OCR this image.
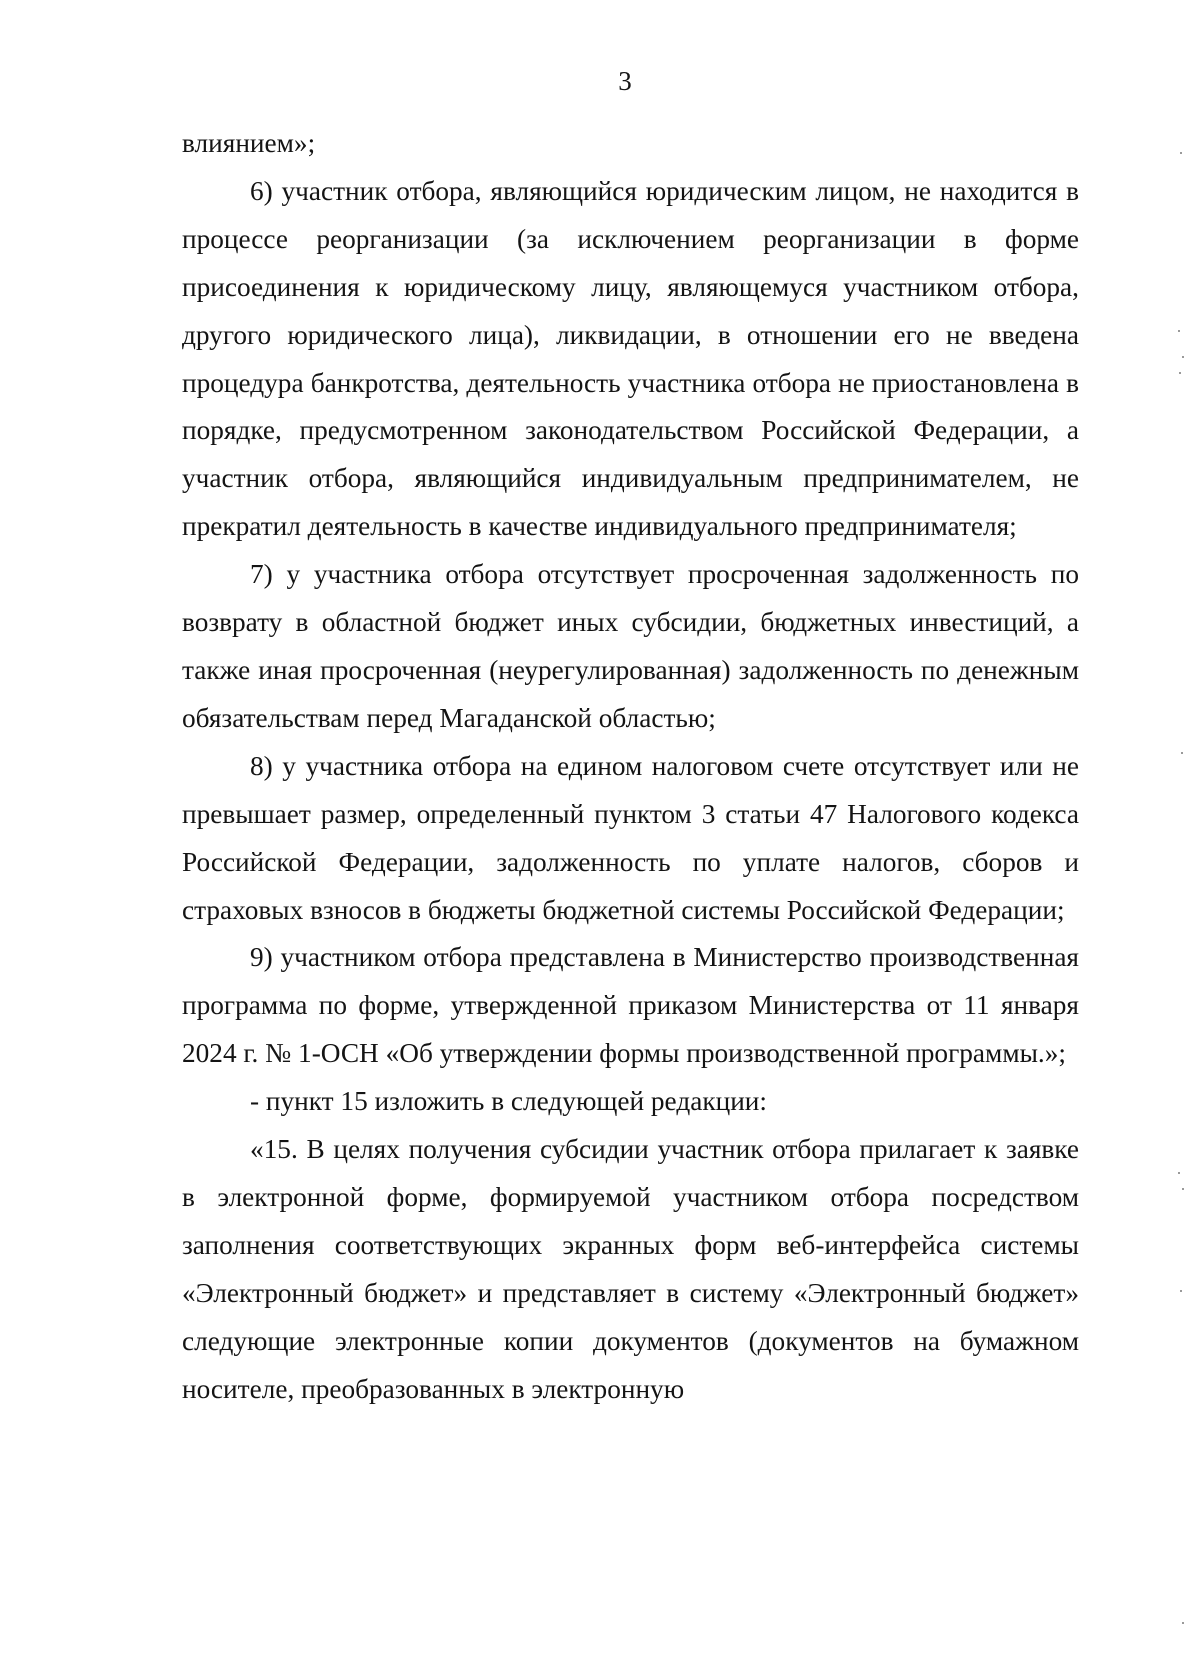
3

влиянием»;

6) участник отбора, являющийся юридическим лицом, не находится в процессе реорганизации (за исключением реорганизации в форме присоединения к юридическому лицу, являющемуся участником отбора, другого юридического лица), ликвидации, в отношении его не введена процедура банкротства, деятельность участника отбора не приостановлена в порядке, предусмотренном законодательством Российской Федерации, а участник отбора, являющийся индивидуальным предпринимателем, не прекратил деятельность в качестве индивидуального предпринимателя;

7) у участника отбора отсутствует просроченная задолженность по возврату в областной бюджет иных субсидии, бюджетных инвестиций, а также иная просроченная (неурегулированная) задолженность по денежным обязательствам перед Магаданской областью;

8) у участника отбора на едином налоговом счете отсутствует или не превышает размер, определенный пунктом 3 статьи 47 Налогового кодекса Российской Федерации, задолженность по уплате налогов, сборов и страховых взносов в бюджеты бюджетной системы Российской Федерации;

9) участником отбора представлена в Министерство производственная программа по форме, утвержденной приказом Министерства от 11 января 2024 г. № 1-ОСН «Об утверждении формы производственной программы.»;

- пункт 15 изложить в следующей редакции:

«15. В целях получения субсидии участник отбора прилагает к заявке в электронной форме, формируемой участником отбора посредством заполнения соответствующих экранных форм веб-интерфейса системы «Электронный бюджет» и представляет в систему «Электронный бюджет» следующие электронные копии документов (документов на бумажном носителе, преобразованных в электронную
